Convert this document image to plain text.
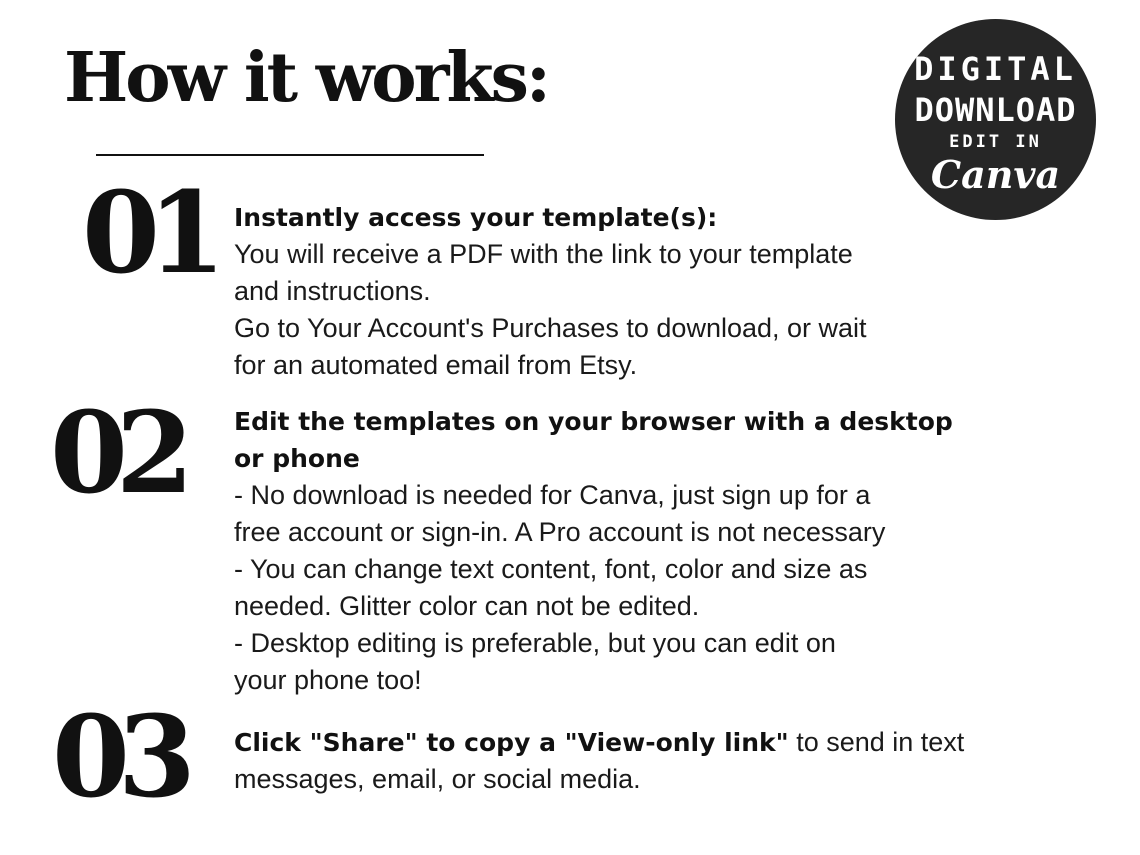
How it works:	DIGITAL
DOWNLOAD
EDIT IN
Canva
01 Instantly access your template(s):
You will receive a PDF with the link to your template
and instructions.
Go to Your Account's Purchases to download, or wait
for an automated email from Etsy.
02 Edit the templates on your browser with a desktop
or phone
- No download is needed for Canva, just sign up for a
free account or sign-in. A Pro account is not necessary
- You can change text content, font, color and size as
needed. Glitter color can not be edited.
- Desktop editing is preferable, but you can edit on
your phone too!
03 Click "Share" to copy a "View-only link" to send in text
messages, email, or social media.
